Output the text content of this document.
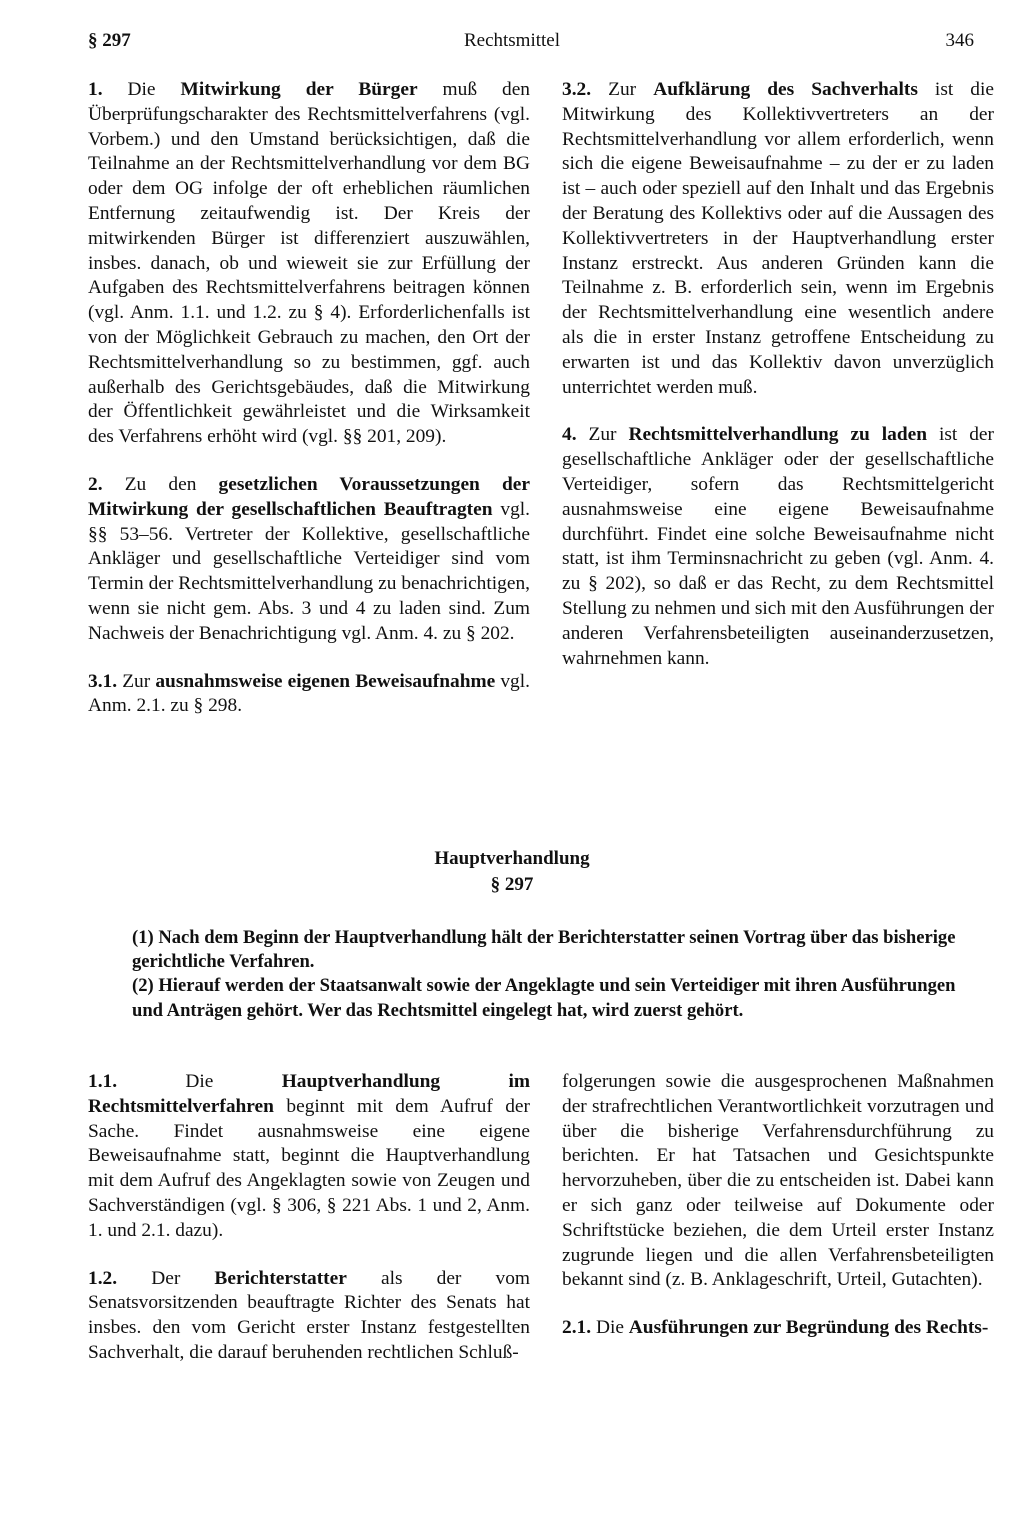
§ 297	Rechtsmittel	346

1. Die Mitwirkung der Bürger muß den Überprüfungscharakter des Rechtsmittelverfahrens (vgl. Vorbem.) und den Umstand berücksichtigen, daß die Teilnahme an der Rechtsmittelverhandlung vor dem BG oder dem OG infolge der oft erheblichen räumlichen Entfernung zeitaufwendig ist. Der Kreis der mitwirkenden Bürger ist differenziert auszuwählen, insbes. danach, ob und wieweit sie zur Erfüllung der Aufgaben des Rechtsmittelverfahrens beitragen können (vgl. Anm. 1.1. und 1.2. zu § 4). Erforderlichenfalls ist von der Möglichkeit Gebrauch zu machen, den Ort der Rechtsmittelverhandlung so zu bestimmen, ggf. auch außerhalb des Gerichtsgebäudes, daß die Mitwirkung der Öffentlichkeit gewährleistet und die Wirksamkeit des Verfahrens erhöht wird (vgl. §§ 201, 209).

2. Zu den gesetzlichen Voraussetzungen der Mitwirkung der gesellschaftlichen Beauftragten vgl. §§ 53–56. Vertreter der Kollektive, gesellschaftliche Ankläger und gesellschaftliche Verteidiger sind vom Termin der Rechtsmittelverhandlung zu benachrichtigen, wenn sie nicht gem. Abs. 3 und 4 zu laden sind. Zum Nachweis der Benachrichtigung vgl. Anm. 4. zu § 202.

3.1. Zur ausnahmsweise eigenen Beweisaufnahme vgl. Anm. 2.1. zu § 298.

3.2. Zur Aufklärung des Sachverhalts ist die Mitwirkung des Kollektivvertreters an der Rechtsmittelverhandlung vor allem erforderlich, wenn sich die eigene Beweisaufnahme – zu der er zu laden ist – auch oder speziell auf den Inhalt und das Ergebnis der Beratung des Kollektivs oder auf die Aussagen des Kollektivvertreters in der Hauptverhandlung erster Instanz erstreckt. Aus anderen Gründen kann die Teilnahme z. B. erforderlich sein, wenn im Ergebnis der Rechtsmittelverhandlung eine wesentlich andere als die in erster Instanz getroffene Entscheidung zu erwarten ist und das Kollektiv davon unverzüglich unterrichtet werden muß.

4. Zur Rechtsmittelverhandlung zu laden ist der gesellschaftliche Ankläger oder der gesellschaftliche Verteidiger, sofern das Rechtsmittelgericht ausnahmsweise eine eigene Beweisaufnahme durchführt. Findet eine solche Beweisaufnahme nicht statt, ist ihm Terminsnachricht zu geben (vgl. Anm. 4. zu § 202), so daß er das Recht, zu dem Rechtsmittel Stellung zu nehmen und sich mit den Ausführungen der anderen Verfahrensbeteiligten auseinanderzusetzen, wahrnehmen kann.

Hauptverhandlung
§ 297

(1) Nach dem Beginn der Hauptverhandlung hält der Berichterstatter seinen Vortrag über das bisherige gerichtliche Verfahren.

(2) Hierauf werden der Staatsanwalt sowie der Angeklagte und sein Verteidiger mit ihren Ausführungen und Anträgen gehört. Wer das Rechtsmittel eingelegt hat, wird zuerst gehört.

1.1. Die Hauptverhandlung im Rechtsmittelverfahren beginnt mit dem Aufruf der Sache. Findet ausnahmsweise eine eigene Beweisaufnahme statt, beginnt die Hauptverhandlung mit dem Aufruf des Angeklagten sowie von Zeugen und Sachverständigen (vgl. § 306, § 221 Abs. 1 und 2, Anm. 1. und 2.1. dazu).

1.2. Der Berichterstatter als der vom Senatsvorsitzenden beauftragte Richter des Senats hat insbes. den vom Gericht erster Instanz festgestellten Sachverhalt, die darauf beruhenden rechtlichen Schluß-

folgerungen sowie die ausgesprochenen Maßnahmen der strafrechtlichen Verantwortlichkeit vorzutragen und über die bisherige Verfahrensdurchführung zu berichten. Er hat Tatsachen und Gesichtspunkte hervorzuheben, über die zu entscheiden ist. Dabei kann er sich ganz oder teilweise auf Dokumente oder Schriftstücke beziehen, die dem Urteil erster Instanz zugrunde liegen und die allen Verfahrensbeteiligten bekannt sind (z. B. Anklageschrift, Urteil, Gutachten).

2.1. Die Ausführungen zur Begründung des Rechts-
